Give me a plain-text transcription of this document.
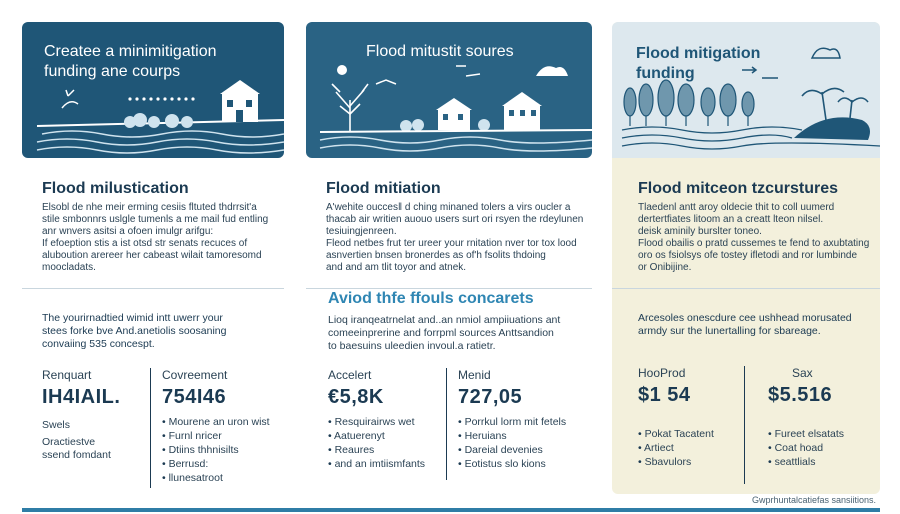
Createe a minimitigation
funding ane courps
Flood milustication
Elsobl de nhe meir erming cesiis fltuted thdrrsit'a
stile smbonnrs uslgle tumenls a me mail fud entling
anr wnvers asitsi a ofoen imulgr arifgu:
If efoeption stis a ist otsd str senats recuces of
aluboution arereer her cabeast wilait tamoresomd
moocladats.
The yourirnadtied wimid intt uwerr your
stees forke bve And.anetiolis soosaning
convaiing 535 concespt.
Renquart
IH4IAIL.
Swels
Oractiestve
ssend fomdant
Covreement
754I46
• Mourene an uron wist
• Furnl nricer
• Dtiins thhnisilts
• Berrusd:
• llunesatroot
Flood mitustit soures
Flood mitiation
A'wehite oucces‖ d ching minaned tolers a virs oucler a
thacab air writien auouo users surt ori rsyen the rdeylunen
tesiuingjenreen.
Fleod netbes frut ter ureer your rnitation nver tor tox lood
asnvertien bnsen bronerdes as of'h fsolits thdoing
and and am tlit toyor and atnek.
Aviod thfe ffouls concarets
Lioq iranqeatrnelat and..an nmiol ampiiuations ant
comeeinprerine and forrpml sources Anttsandion
to baesuins uleedien invoul.a ratietr.
Accelert
€5,8K
• Resquirairws wet
• Aatuerenyt
• Reaures
• and an imtiismfants
Menid
727,05
• Porrkul lorm mit fetels
• Heruians
• Dareial devenies
• Eotistus slo kions
Flood mitigation
funding
Flood mitceon tzcurstures
Tlaedenl antt aroy oldecie thit to coll uumerd
dertertfiates litoom an a creatt lteon nilsel.
deisk aminily burslter toneo.
Flood obailis o pratd cussemes te fend to axubtating
oro os fsiolsys ofe tostey ifletodi and ror lumbinde
or Onibijine.
Arcesoles onescdure cee ushhead morusated
armdy sur the lunertalling for sbareage.
HooProd
$1 54
• Pokat Tacatent
• Artiect
• Sbavulors
Sax
$5.516
• Fureet elsatats
• Coat hoad
• seattlials
Gwprhuntalcatiefas sansiitions.
